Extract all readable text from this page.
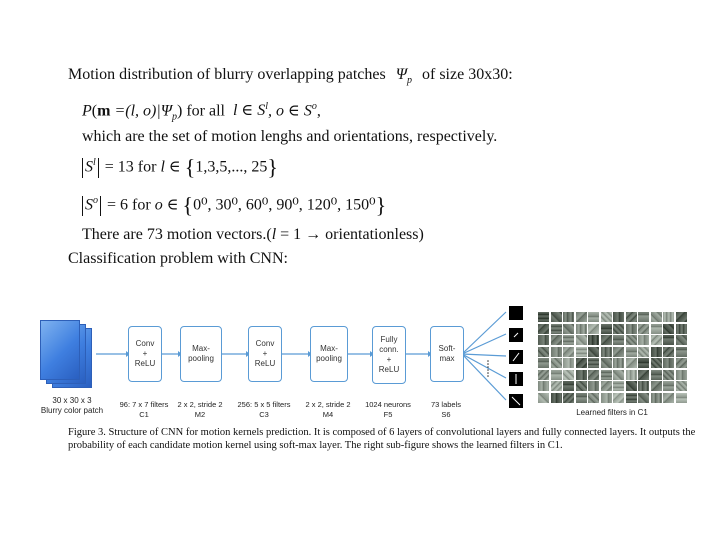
Motion distribution of blurry overlapping patches $\Psi_p$ of size 30x30:
P(m =(l, $o)|\Psi_p$) for all l ∈ $S^l$, o ∈ $S^o$,
which are the set of motion lenghs and orientations, respectively.
$S^l = 13$ for l ∈ {1,3,5,..., 25}
$S^o = 6$ for o ∈ {0⁰, 30⁰, 60⁰, 90⁰, 120⁰, 150⁰}
There are 73 motion vectors.(l = 1 → orientationless)
Classification problem with CNN:
30 x 30 x 3
Blurry color patch
Conv
+
ReLU
Max-
pooling
Conv
+
ReLU
Max-
pooling
Fully
conn.
+
ReLU
Soft-
max
96: 7 x 7 filters	2 x 2, stride 2	256: 5 x 5 filters	2 x 2, stride 2	1024 neurons	73 labels
C1	M2	C3	M4	F5	S6	Learned filters in C1
Figure 3. Structure of CNN for motion kernels prediction. It is composed of 6 layers of convolutional layers and fully connected layers. It outputs the probability of each candidate motion kernel using soft-max layer. The right sub-figure shows the learned filters in C1.
